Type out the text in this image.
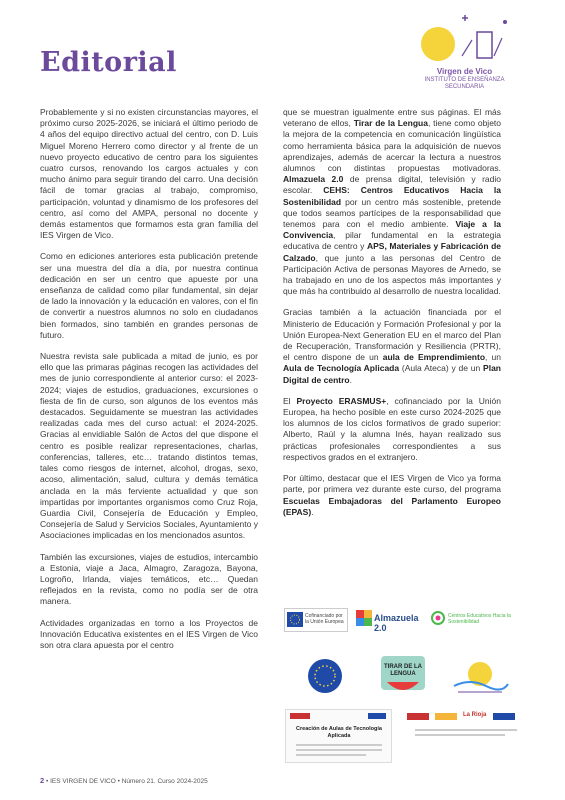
Editorial	Virgen de Vico
INSTITUTO DE ENSEÑANZA
SECUNDARIA

Probablemente y si no existen circunstancias mayores, el próximo curso 2025-2026, se iniciará el último periodo de 4 años del equipo directivo actual del centro, con D. Luis Miguel Moreno Herrero como director y al frente de un nuevo proyecto educativo de centro para los siguientes cuatro cursos, renovando los cargos actuales y con mucho ánimo para seguir tirando del carro. Una decisión fácil de tomar gracias al trabajo, compromiso, participación, voluntad y dinamismo de los profesores del centro, así como del AMPA, personal no docente y demás estamentos que formamos esta gran familia del IES Virgen de Vico.

Como en ediciones anteriores esta publicación pretende ser una muestra del día a día, por nuestra continua dedicación en ser un centro que apueste por una enseñanza de calidad como pilar fundamental, sin dejar de lado la innovación y la educación en valores, con el fin de convertir a nuestros alumnos no solo en ciudadanos bien formados, sino también en grandes personas de futuro.

Nuestra revista sale publicada a mitad de junio, es por ello que las primaras páginas recogen las actividades del mes de junio correspondiente al anterior curso: el 2023-2024; viajes de estudios, graduaciones, excursiones o fiesta de fin de curso, son algunos de los eventos más destacados. Seguidamente se muestran las actividades realizadas cada mes del curso actual: el 2024-2025. Gracias al envidiable Salón de Actos del que dispone el centro es posible realizar representaciones, charlas, conferencias, talleres, etc… tratando distintos temas, tales como riesgos de internet, alcohol, drogas, sexo, acoso, alimentación, salud, cultura y demás temática anclada en la más ferviente actualidad y que son impartidas por importantes organismos como Cruz Roja, Guardia Civil, Consejería de Educación y Empleo, Consejería de Salud y Servicios Sociales, Ayuntamiento y Asociaciones implicadas en los mencionados asuntos.

También las excursiones, viajes de estudios, intercambio a Estonia, viaje a Jaca, Almagro, Zaragoza, Bayona, Logroño, Irlanda, viajes temáticos, etc… Quedan reflejados en la revista, como no podía ser de otra manera.

Actividades organizadas en torno a los Proyectos de Innovación Educativa existentes en el IES Virgen de Vico son otra clara apuesta por el centro

que se muestran igualmente entre sus páginas. El más veterano de ellos, Tirar de la Lengua, tiene como objeto la mejora de la competencia en comunicación lingüística como herramienta básica para la adquisición de nuevos aprendizajes, además de acercar la lectura a nuestros alumnos con distintas propuestas motivadoras. Almazuela 2.0 de prensa digital, televisión y radio escolar. CEHS: Centros Educativos Hacia la Sostenibilidad por un centro más sostenible, pretende que todos seamos partícipes de la responsabilidad que tenemos para con el medio ambiente. Viaje a la Convivencia, pilar fundamental en la estrategia educativa de centro y APS, Materiales y Fabricación de Calzado, que junto a las personas del Centro de Participación Activa de personas Mayores de Arnedo, se ha trabajado en uno de los aspectos más importantes y que más ha contribuido al desarrollo de nuestra localidad.

Gracias también a la actuación financiada por el Ministerio de Educación y Formación Profesional y por la Unión Europea-Next Generation EU en el marco del Plan de Recuperación, Transformación y Resiliencia (PRTR), el centro dispone de un aula de Emprendimiento, un Aula de Tecnología Aplicada (Aula Ateca) y de un Plan Digital de centro.

El Proyecto ERASMUS+, cofinanciado por la Unión Europea, ha hecho posible en este curso 2024-2025 que los alumnos de los ciclos formativos de grado superior: Alberto, Raúl y la alumna Inés, hayan realizado sus prácticas profesionales correspondientes a sus respectivos grados en el extranjero.

Por último, destacar que el IES Virgen de Vico ya forma parte, por primera vez durante este curso, del programa Escuelas Embajadoras del Parlamento Europeo (EPAS).

Cofinanciado por la Unión Europea	Almazuela 2.0
Centros Educativos Hacia la Sostenibilidad
TIRAR DE LA LENGUA
Creación de Aulas de Tecnología Aplicada
La Rioja
2 • IES VIRGEN DE VICO • Número 21. Curso 2024-2025
